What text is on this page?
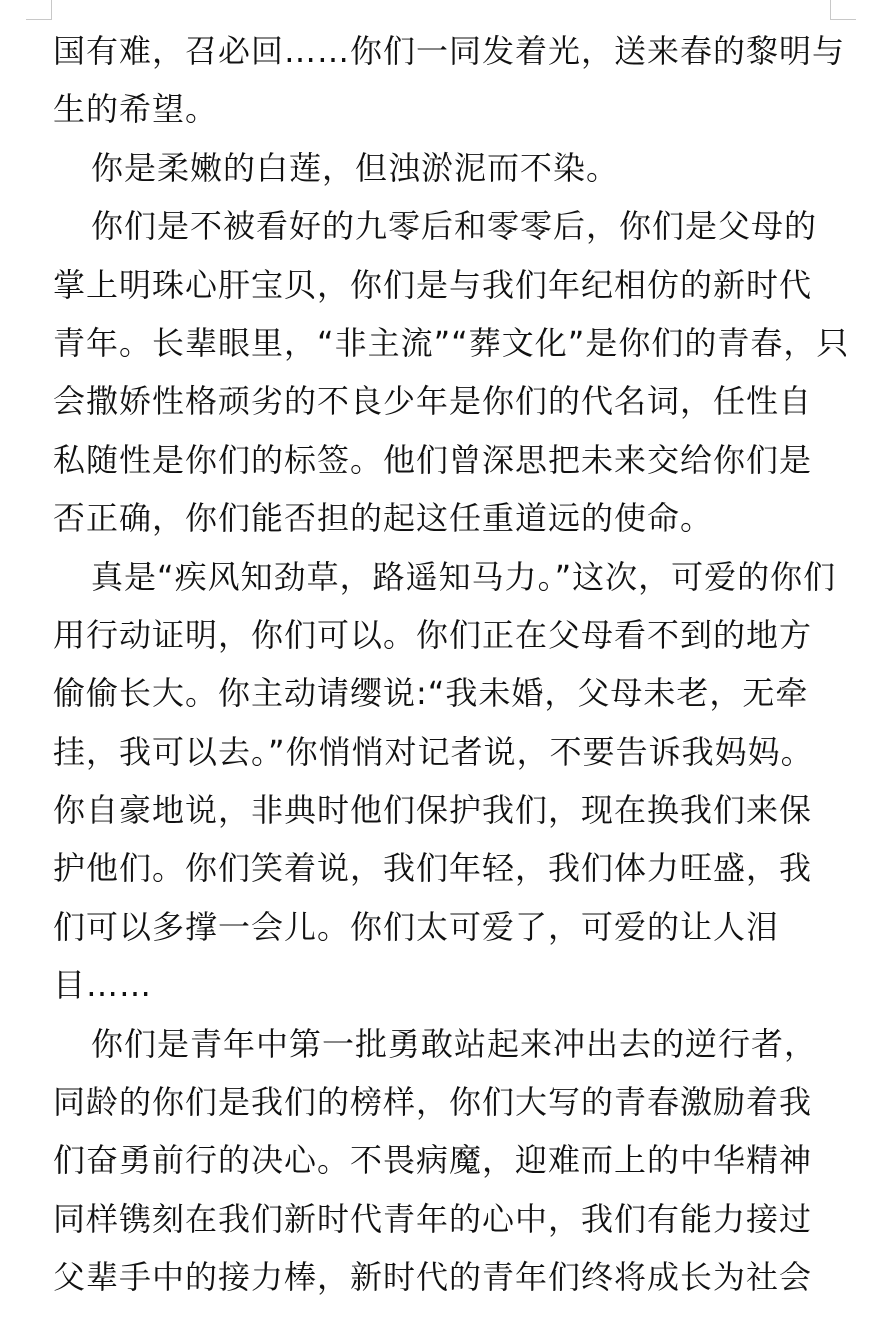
国有难，召必回……你们一同发着光，送来春的黎明与
生的希望。
你是柔嫩的白莲，但浊淤泥而不染。
你们是不被看好的九零后和零零后，你们是父母的
掌上明珠心肝宝贝，你们是与我们年纪相仿的新时代
青年。长辈眼里，“非主流”“葬文化”是你们的青春，只
会撒娇性格顽劣的不良少年是你们的代名词，任性自
私随性是你们的标签。他们曾深思把未来交给你们是
否正确，你们能否担的起这任重道远的使命。
真是“疾风知劲草，路遥知马力。”这次，可爱的你们
用行动证明，你们可以。你们正在父母看不到的地方
偷偷长大。你主动请缨说:“我未婚，父母未老，无牵
挂，我可以去。”你悄悄对记者说，不要告诉我妈妈。
你自豪地说，非典时他们保护我们，现在换我们来保
护他们。你们笑着说，我们年轻，我们体力旺盛，我
们可以多撑一会儿。你们太可爱了，可爱的让人泪
目……
你们是青年中第一批勇敢站起来冲出去的逆行者，
同龄的你们是我们的榜样，你们大写的青春激励着我
们奋勇前行的决心。不畏病魔，迎难而上的中华精神
同样镌刻在我们新时代青年的心中，我们有能力接过
父辈手中的接力棒，新时代的青年们终将成长为社会
